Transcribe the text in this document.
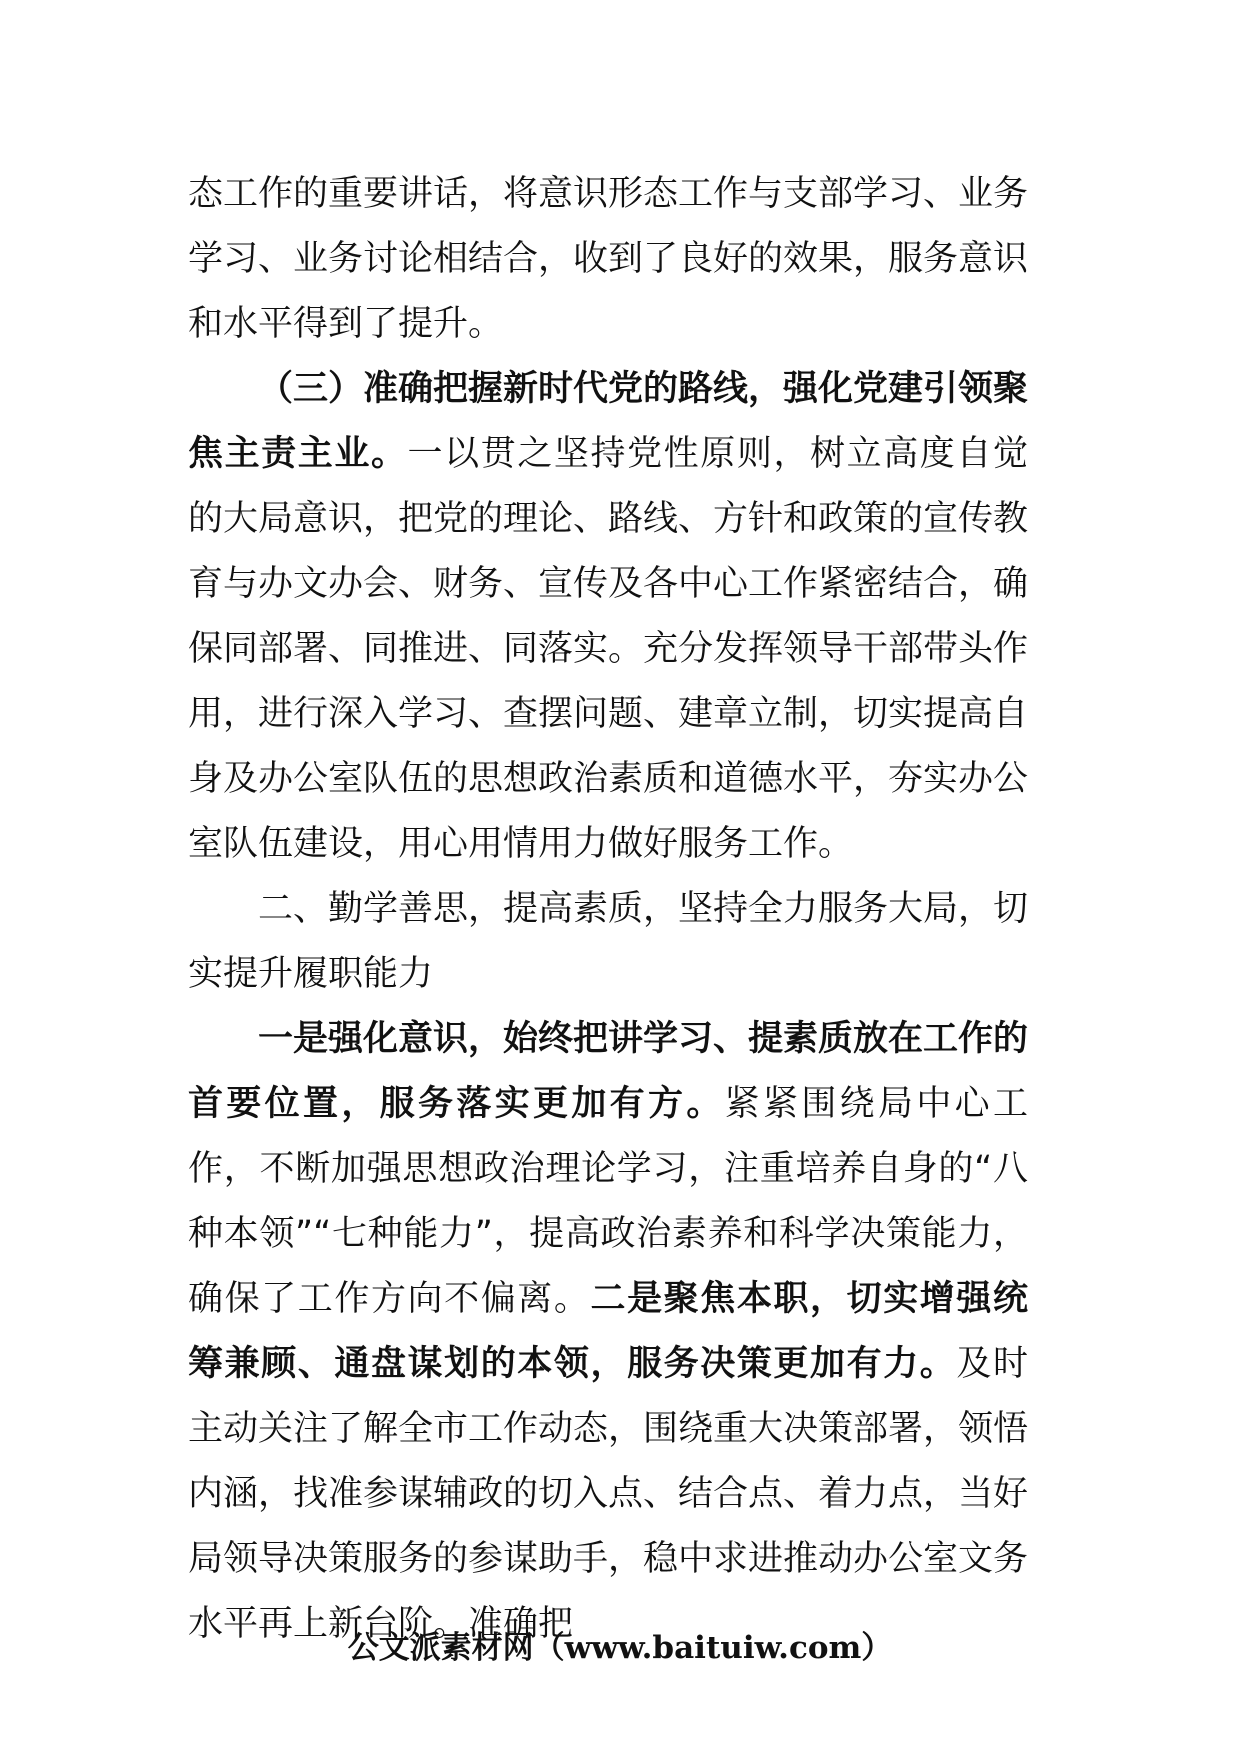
态工作的重要讲话，将意识形态工作与支部学习、业务学习、业务讨论相结合，收到了良好的效果，服务意识和水平得到了提升。

（三）准确把握新时代党的路线，强化党建引领聚焦主责主业。一以贯之坚持党性原则，树立高度自觉的大局意识，把党的理论、路线、方针和政策的宣传教育与办文办会、财务、宣传及各中心工作紧密结合，确保同部署、同推进、同落实。充分发挥领导干部带头作用，进行深入学习、查摆问题、建章立制，切实提高自身及办公室队伍的思想政治素质和道德水平，夯实办公室队伍建设，用心用情用力做好服务工作。

二、勤学善思，提高素质，坚持全力服务大局，切实提升履职能力

一是强化意识，始终把讲学习、提素质放在工作的首要位置，服务落实更加有方。紧紧围绕局中心工作，不断加强思想政治理论学习，注重培养自身的“八种本领”“七种能力”，提高政治素养和科学决策能力，确保了工作方向不偏离。二是聚焦本职，切实增强统筹兼顾、通盘谋划的本领，服务决策更加有力。及时主动关注了解全市工作动态，围绕重大决策部署，领悟内涵，找准参谋辅政的切入点、结合点、着力点，当好局领导决策服务的参谋助手，稳中求进推动办公室文务水平再上新台阶。准确把

公文派素材网（www.baituiw.com）
